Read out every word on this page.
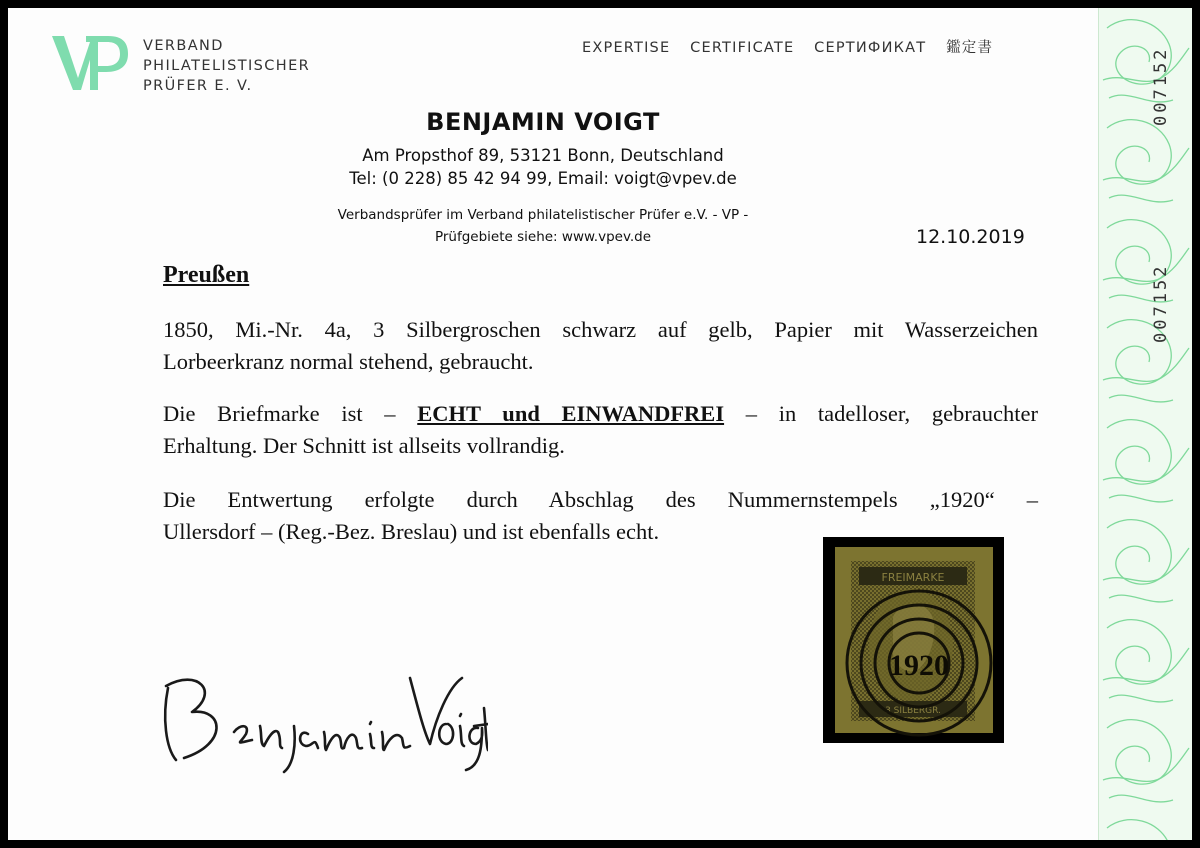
VERBAND
PHILATELISTISCHER
PRÜFER E. V.
EXPERTISE CERTIFICATE СЕРТИФИКАТ 鑑定書
BENJAMIN VOIGT
Am Propsthof 89, 53121 Bonn, Deutschland
Tel: (0 228) 85 42 94 99, Email: voigt@vpev.de
Verbandsprüfer im Verband philatelistischer Prüfer e.V. - VP -
Prüfgebiete siehe: www.vpev.de	12.10.2019
Preußen
1850, Mi.-Nr. 4a, 3 Silbergroschen schwarz auf gelb, Papier mit Wasserzeichen
Lorbeerkranz normal stehend, gebraucht.
Die Briefmarke ist – ECHT und EINWANDFREI – in tadelloser, gebrauchter
Erhaltung. Der Schnitt ist allseits vollrandig.
Die Entwertung erfolgte durch Abschlag des Nummernstempels „1920“ –
Ullersdorf – (Reg.-Bez. Breslau) und ist ebenfalls echt.
FREIMARKE
3 SILBERGR.
1920
007152
007152
